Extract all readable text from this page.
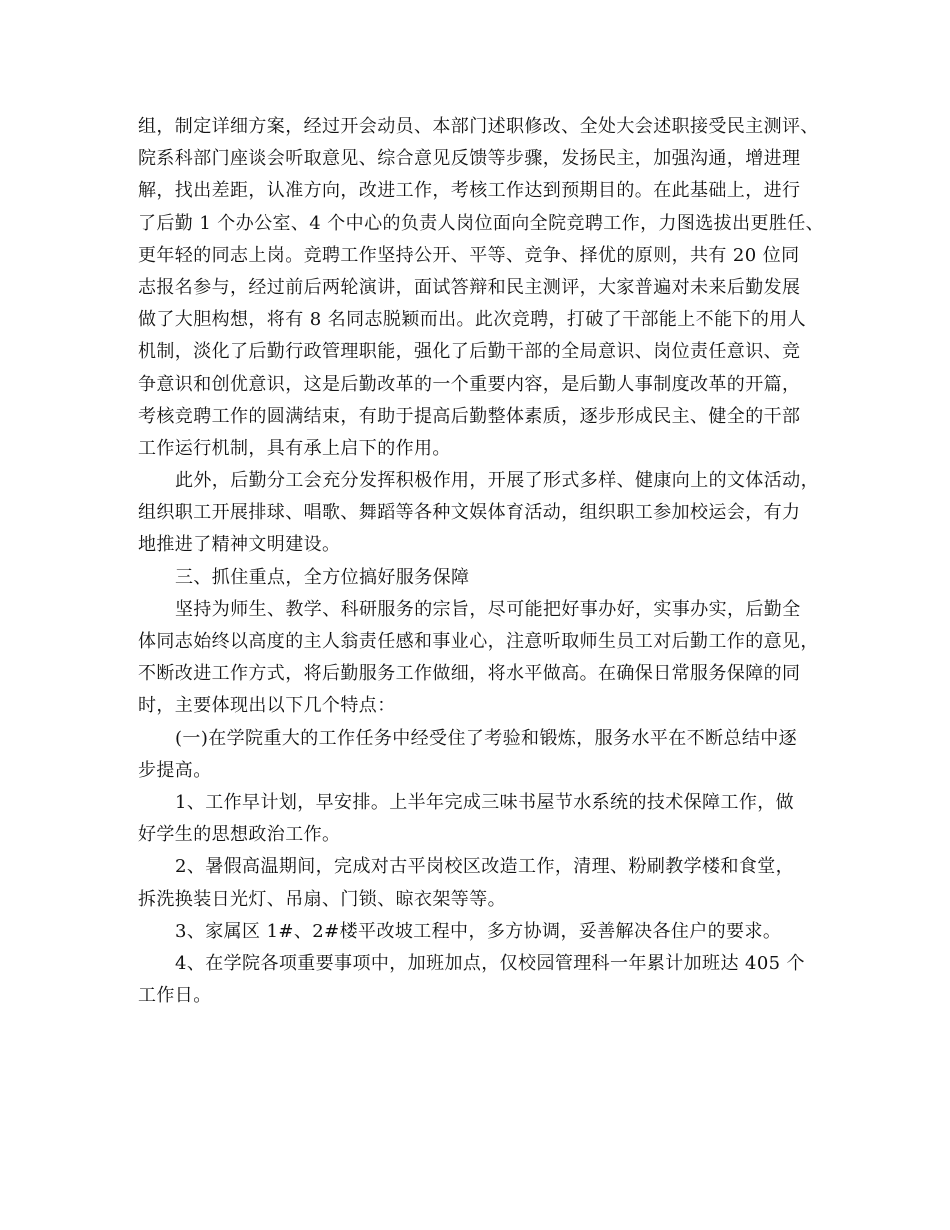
组，制定详细方案，经过开会动员、本部门述职修改、全处大会述职接受民主测评、
院系科部门座谈会听取意见、综合意见反馈等步骤，发扬民主，加强沟通，增进理
解，找出差距，认准方向，改进工作，考核工作达到预期目的。在此基础上，进行
了后勤 1 个办公室、4 个中心的负责人岗位面向全院竞聘工作，力图选拔出更胜任、
更年轻的同志上岗。竞聘工作坚持公开、平等、竞争、择优的原则，共有 20 位同
志报名参与，经过前后两轮演讲，面试答辩和民主测评，大家普遍对未来后勤发展
做了大胆构想，将有 8 名同志脱颖而出。此次竞聘，打破了干部能上不能下的用人
机制，淡化了后勤行政管理职能，强化了后勤干部的全局意识、岗位责任意识、竞
争意识和创优意识，这是后勤改革的一个重要内容，是后勤人事制度改革的开篇，
考核竞聘工作的圆满结束，有助于提高后勤整体素质，逐步形成民主、健全的干部
工作运行机制，具有承上启下的作用。
此外，后勤分工会充分发挥积极作用，开展了形式多样、健康向上的文体活动，
组织职工开展排球、唱歌、舞蹈等各种文娱体育活动，组织职工参加校运会，有力
地推进了精神文明建设。
三、抓住重点，全方位搞好服务保障
坚持为师生、教学、科研服务的宗旨，尽可能把好事办好，实事办实，后勤全
体同志始终以高度的主人翁责任感和事业心，注意听取师生员工对后勤工作的意见，
不断改进工作方式，将后勤服务工作做细，将水平做高。在确保日常服务保障的同
时，主要体现出以下几个特点：
(一)在学院重大的工作任务中经受住了考验和锻炼，服务水平在不断总结中逐
步提高。
1、工作早计划，早安排。上半年完成三味书屋节水系统的技术保障工作，做
好学生的思想政治工作。
2、暑假高温期间，完成对古平岗校区改造工作，清理、粉刷教学楼和食堂，
拆洗换装日光灯、吊扇、门锁、晾衣架等等。
3、家属区 1#、2#楼平改坡工程中，多方协调，妥善解决各住户的要求。
4、在学院各项重要事项中，加班加点，仅校园管理科一年累计加班达 405 个
工作日。
